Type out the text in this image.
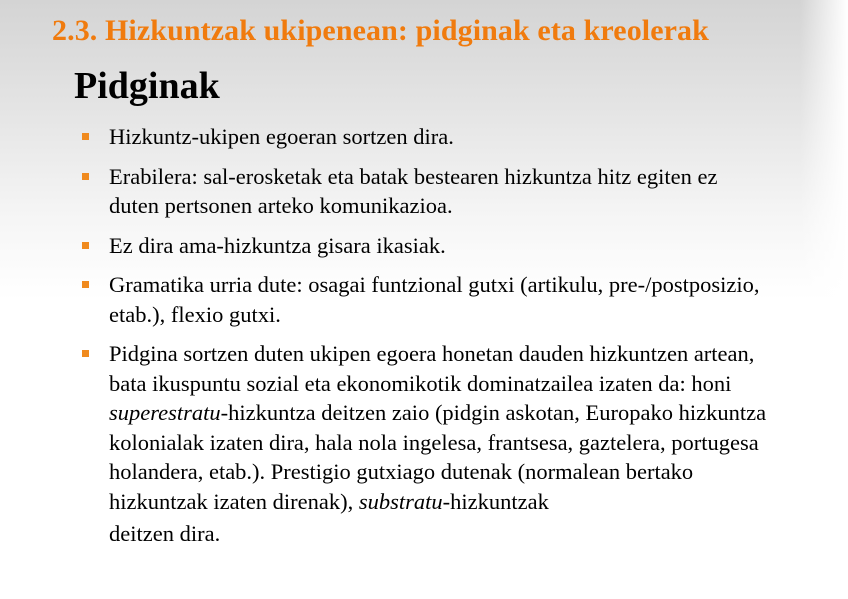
2.3. Hizkuntzak ukipenean: pidginak eta kreolerak
Pidginak
Hizkuntz-ukipen egoeran sortzen dira.
Erabilera: sal-erosketak eta batak bestearen hizkuntza hitz egiten ez duten pertsonen arteko komunikazioa.
Ez dira ama-hizkuntza gisara ikasiak.
Gramatika urria dute: osagai funtzional gutxi (artikulu, pre-/postposizio, etab.), flexio gutxi.
Pidgina sortzen duten ukipen egoera honetan dauden hizkuntzen artean, bata ikuspuntu sozial eta ekonomikotik dominatzailea izaten da: honi superestratu-hizkuntza deitzen zaio (pidgin askotan, Europako hizkuntza kolonialak izaten dira, hala nola ingelesa, frantsesa, gaztelera, portugesa holandera, etab.). Prestigio gutxiago dutenak (normalean bertako hizkuntzak izaten direnak), substratu-hizkuntzak
deitzen dira.
